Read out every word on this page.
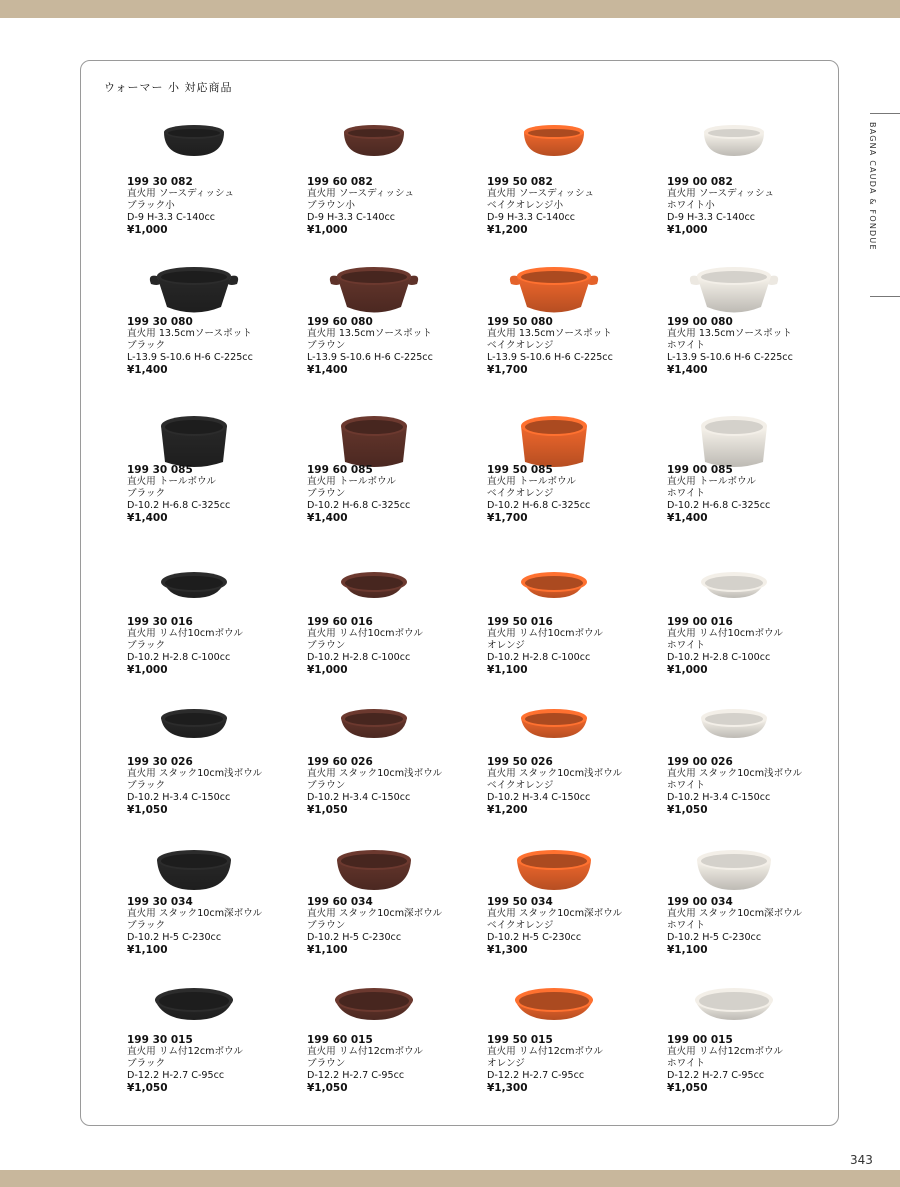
ウォーマー 小 対応商品
BAGNA CAUDA & FONDUE
343
199 30 082
直火用 ソースディッシュ
ブラック小
D-9 H-3.3 C-140cc
¥1,000
199 60 082
直火用 ソースディッシュ
ブラウン小
D-9 H-3.3 C-140cc
¥1,000
199 50 082
直火用 ソースディッシュ
ベイクオレンジ小
D-9 H-3.3 C-140cc
¥1,200
199 00 082
直火用 ソースディッシュ
ホワイト小
D-9 H-3.3 C-140cc
¥1,000
199 30 080
直火用 13.5cmソースポット
ブラック
L-13.9 S-10.6 H-6 C-225cc
¥1,400
199 60 080
直火用 13.5cmソースポット
ブラウン
L-13.9 S-10.6 H-6 C-225cc
¥1,400
199 50 080
直火用 13.5cmソースポット
ベイクオレンジ
L-13.9 S-10.6 H-6 C-225cc
¥1,700
199 00 080
直火用 13.5cmソースポット
ホワイト
L-13.9 S-10.6 H-6 C-225cc
¥1,400
199 30 085
直火用 トールボウル
ブラック
D-10.2 H-6.8 C-325cc
¥1,400
199 60 085
直火用 トールボウル
ブラウン
D-10.2 H-6.8 C-325cc
¥1,400
199 50 085
直火用 トールボウル
ベイクオレンジ
D-10.2 H-6.8 C-325cc
¥1,700
199 00 085
直火用 トールボウル
ホワイト
D-10.2 H-6.8 C-325cc
¥1,400
199 30 016
直火用 リム付10cmボウル
ブラック
D-10.2 H-2.8 C-100cc
¥1,000
199 60 016
直火用 リム付10cmボウル
ブラウン
D-10.2 H-2.8 C-100cc
¥1,000
199 50 016
直火用 リム付10cmボウル
オレンジ
D-10.2 H-2.8 C-100cc
¥1,100
199 00 016
直火用 リム付10cmボウル
ホワイト
D-10.2 H-2.8 C-100cc
¥1,000
199 30 026
直火用 スタック10cm浅ボウル
ブラック
D-10.2 H-3.4 C-150cc
¥1,050
199 60 026
直火用 スタック10cm浅ボウル
ブラウン
D-10.2 H-3.4 C-150cc
¥1,050
199 50 026
直火用 スタック10cm浅ボウル
ベイクオレンジ
D-10.2 H-3.4 C-150cc
¥1,200
199 00 026
直火用 スタック10cm浅ボウル
ホワイト
D-10.2 H-3.4 C-150cc
¥1,050
199 30 034
直火用 スタック10cm深ボウル
ブラック
D-10.2 H-5 C-230cc
¥1,100
199 60 034
直火用 スタック10cm深ボウル
ブラウン
D-10.2 H-5 C-230cc
¥1,100
199 50 034
直火用 スタック10cm深ボウル
ベイクオレンジ
D-10.2 H-5 C-230cc
¥1,300
199 00 034
直火用 スタック10cm深ボウル
ホワイト
D-10.2 H-5 C-230cc
¥1,100
199 30 015
直火用 リム付12cmボウル
ブラック
D-12.2 H-2.7 C-95cc
¥1,050
199 60 015
直火用 リム付12cmボウル
ブラウン
D-12.2 H-2.7 C-95cc
¥1,050
199 50 015
直火用 リム付12cmボウル
オレンジ
D-12.2 H-2.7 C-95cc
¥1,300
199 00 015
直火用 リム付12cmボウル
ホワイト
D-12.2 H-2.7 C-95cc
¥1,050
